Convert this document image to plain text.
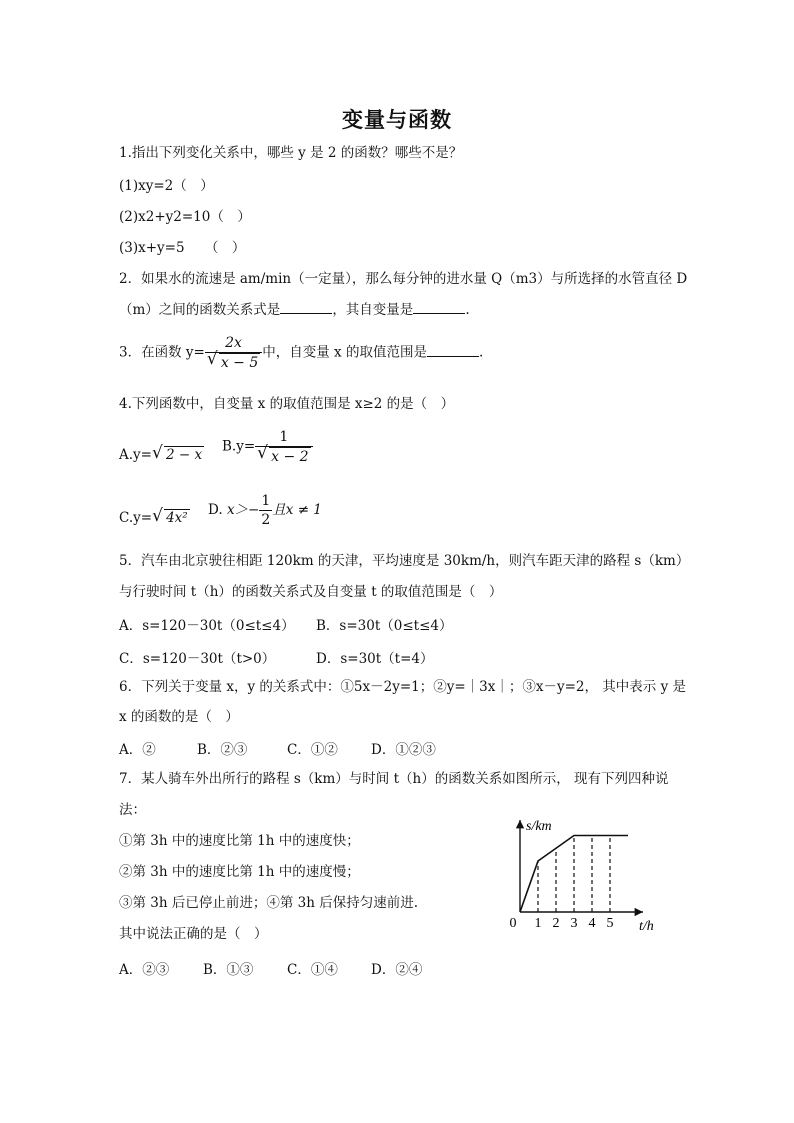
变量与函数
1.指出下列变化关系中，哪些 y 是 2 的函数？哪些不是？
(1)xy=2（　）
(2)x2+y2=10（　）
(3)x+y=5　　（　）
2．如果水的流速是 am/min（一定量），那么每分钟的进水量 Q（m3）与所选择的水管直径 D
（m）之间的函数关系式是	，其自变量是	.
3．在函数 $y= \frac{2x}{√ x - 5}$ 中，自变量 x 的取值范围是	.
4.下列函数中，自变量 x 的取值范围是 x≥2 的是（　）
A.y= √ 2 − x
$B.y= \frac{1}{√ x - 2}$
C.y= √ 4x² D. $x>- \frac{1}{2}$ 且x ≠ 1
5．汽车由北京驶往相距 120km 的天津，平均速度是 30km/h，则汽车距天津的路程 s（km）
与行驶时间 t（h）的函数关系式及自变量 t 的取值范围是（　）
A．s=120－30t（0≤t≤4） B．s=30t（0≤t≤4）
C．s=120－30t（t>0）	D．s=30t（t=4）
6．下列关于变量 x，y 的关系式中：①5x－2y=1；②y=｜3x｜；③x－y=2， 其中表示 y 是
x 的函数的是（　）
A．②	B．②③	C．①② D．①②③
7．某人骑车外出所行的路程 s（km）与时间 t（h）的函数关系如图所示， 现有下列四种说
法：
①第 3h 中的速度比第 1h 中的速度快；
②第 3h 中的速度比第 1h 中的速度慢；
③第 3h 后已停止前进；④第 3h 后保持匀速前进.
其中说法正确的是（　）
A．②③	B．①③ C．①④ D．②④
1 2 3 4 5
0	t/h
s/km
